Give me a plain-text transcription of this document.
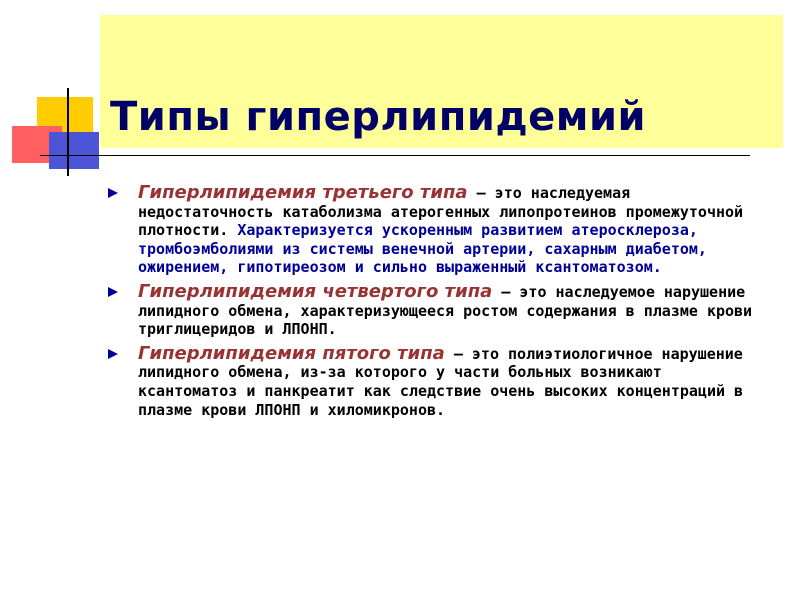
Типы гиперлипидемий
Гиперлипидемия третьего типа — это наследуемая недостаточность катаболизма атерогенных липопротеинов промежуточной плотности. Характеризуется ускоренным развитием атеросклероза, тромбоэмболиями из системы венечной артерии, сахарным диабетом, ожирением, гипотиреозом и сильно выраженный ксантоматозом.
Гиперлипидемия четвертого типа — это наследуемое нарушение липидного обмена, характеризующееся ростом содержания в плазме крови триглицеридов и ЛПОНП.
Гиперлипидемия пятого типа — это полиэтиологичное нарушение липидного обмена, из-за которого у части больных возникают ксантоматоз и панкреатит как следствие очень высоких концентраций в плазме крови ЛПОНП и хиломикронов.
